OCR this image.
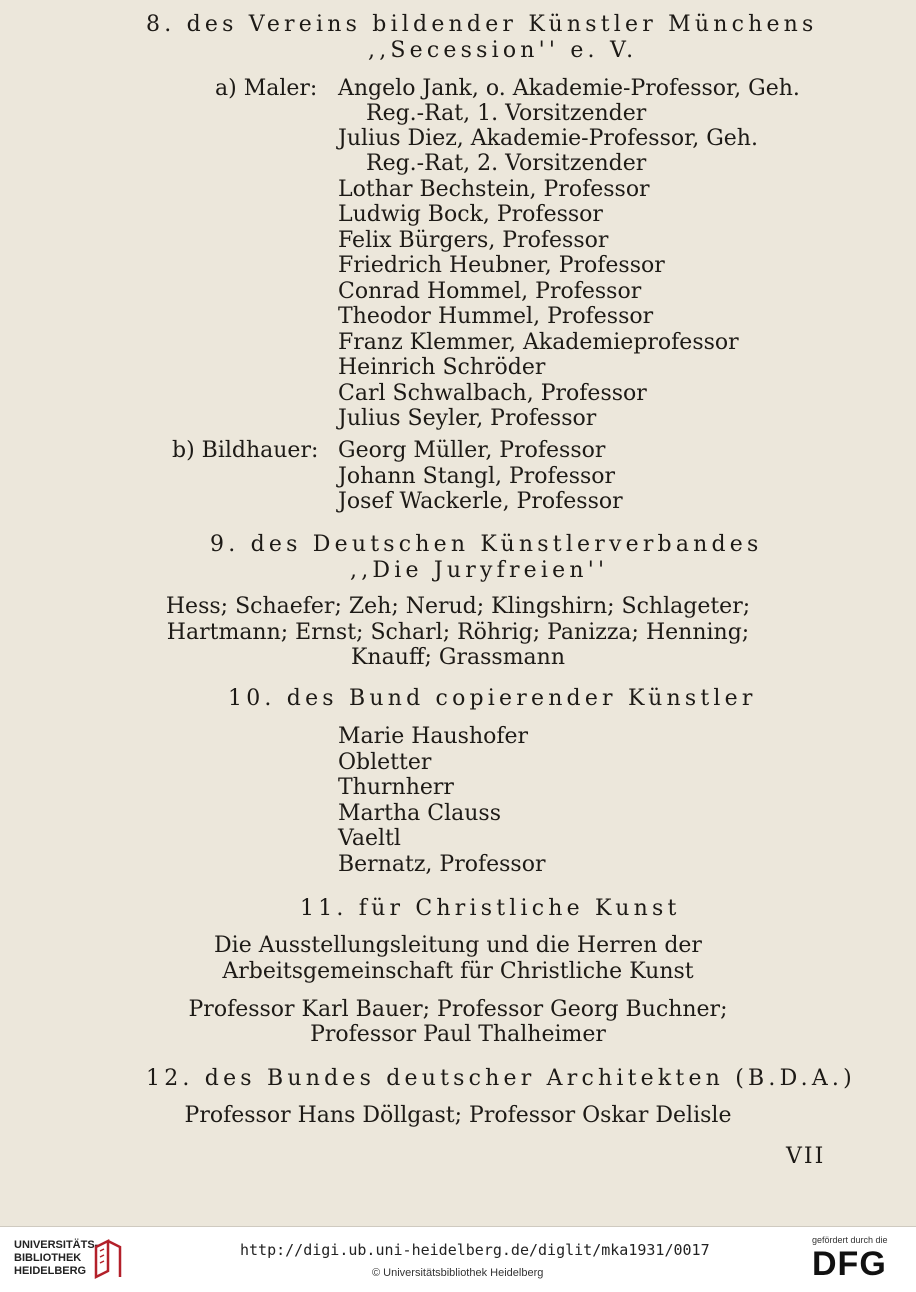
8. des Vereins bildender Künstler Münchens
,,Secession'' e. V.
a) Maler: Angelo Jank, o. Akademie-Professor, Geh.
Reg.-Rat, 1. Vorsitzender
Julius Diez, Akademie-Professor, Geh.
Reg.-Rat, 2. Vorsitzender
Lothar Bechstein, Professor
Ludwig Bock, Professor
Felix Bürgers, Professor
Friedrich Heubner, Professor
Conrad Hommel, Professor
Theodor Hummel, Professor
Franz Klemmer, Akademieprofessor
Heinrich Schröder
Carl Schwalbach, Professor
Julius Seyler, Professor
b) Bildhauer: Georg Müller, Professor
Johann Stangl, Professor
Josef Wackerle, Professor
9. des Deutschen Künstlerverbandes
,,Die Juryfreien''
Hess; Schaefer; Zeh; Nerud; Klingshirn; Schlageter;
Hartmann; Ernst; Scharl; Röhrig; Panizza; Henning;
Knauff; Grassmann
10. des Bund copierender Künstler
Marie Haushofer
Obletter
Thurnherr
Martha Clauss
Vaeltl
Bernatz, Professor
11. für Christliche Kunst
Die Ausstellungsleitung und die Herren der
Arbeitsgemeinschaft für Christliche Kunst
Professor Karl Bauer; Professor Georg Buchner;
Professor Paul Thalheimer
12. des Bundes deutscher Architekten (B.D.A.)
Professor Hans Döllgast; Professor Oskar Delisle
VII
UNIVERSITÄTS-
BIBLIOTHEK
HEIDELBERG
http://digi.ub.uni-heidelberg.de/diglit/mka1931/0017
© Universitätsbibliothek Heidelberg
gefördert durch die
DFG
